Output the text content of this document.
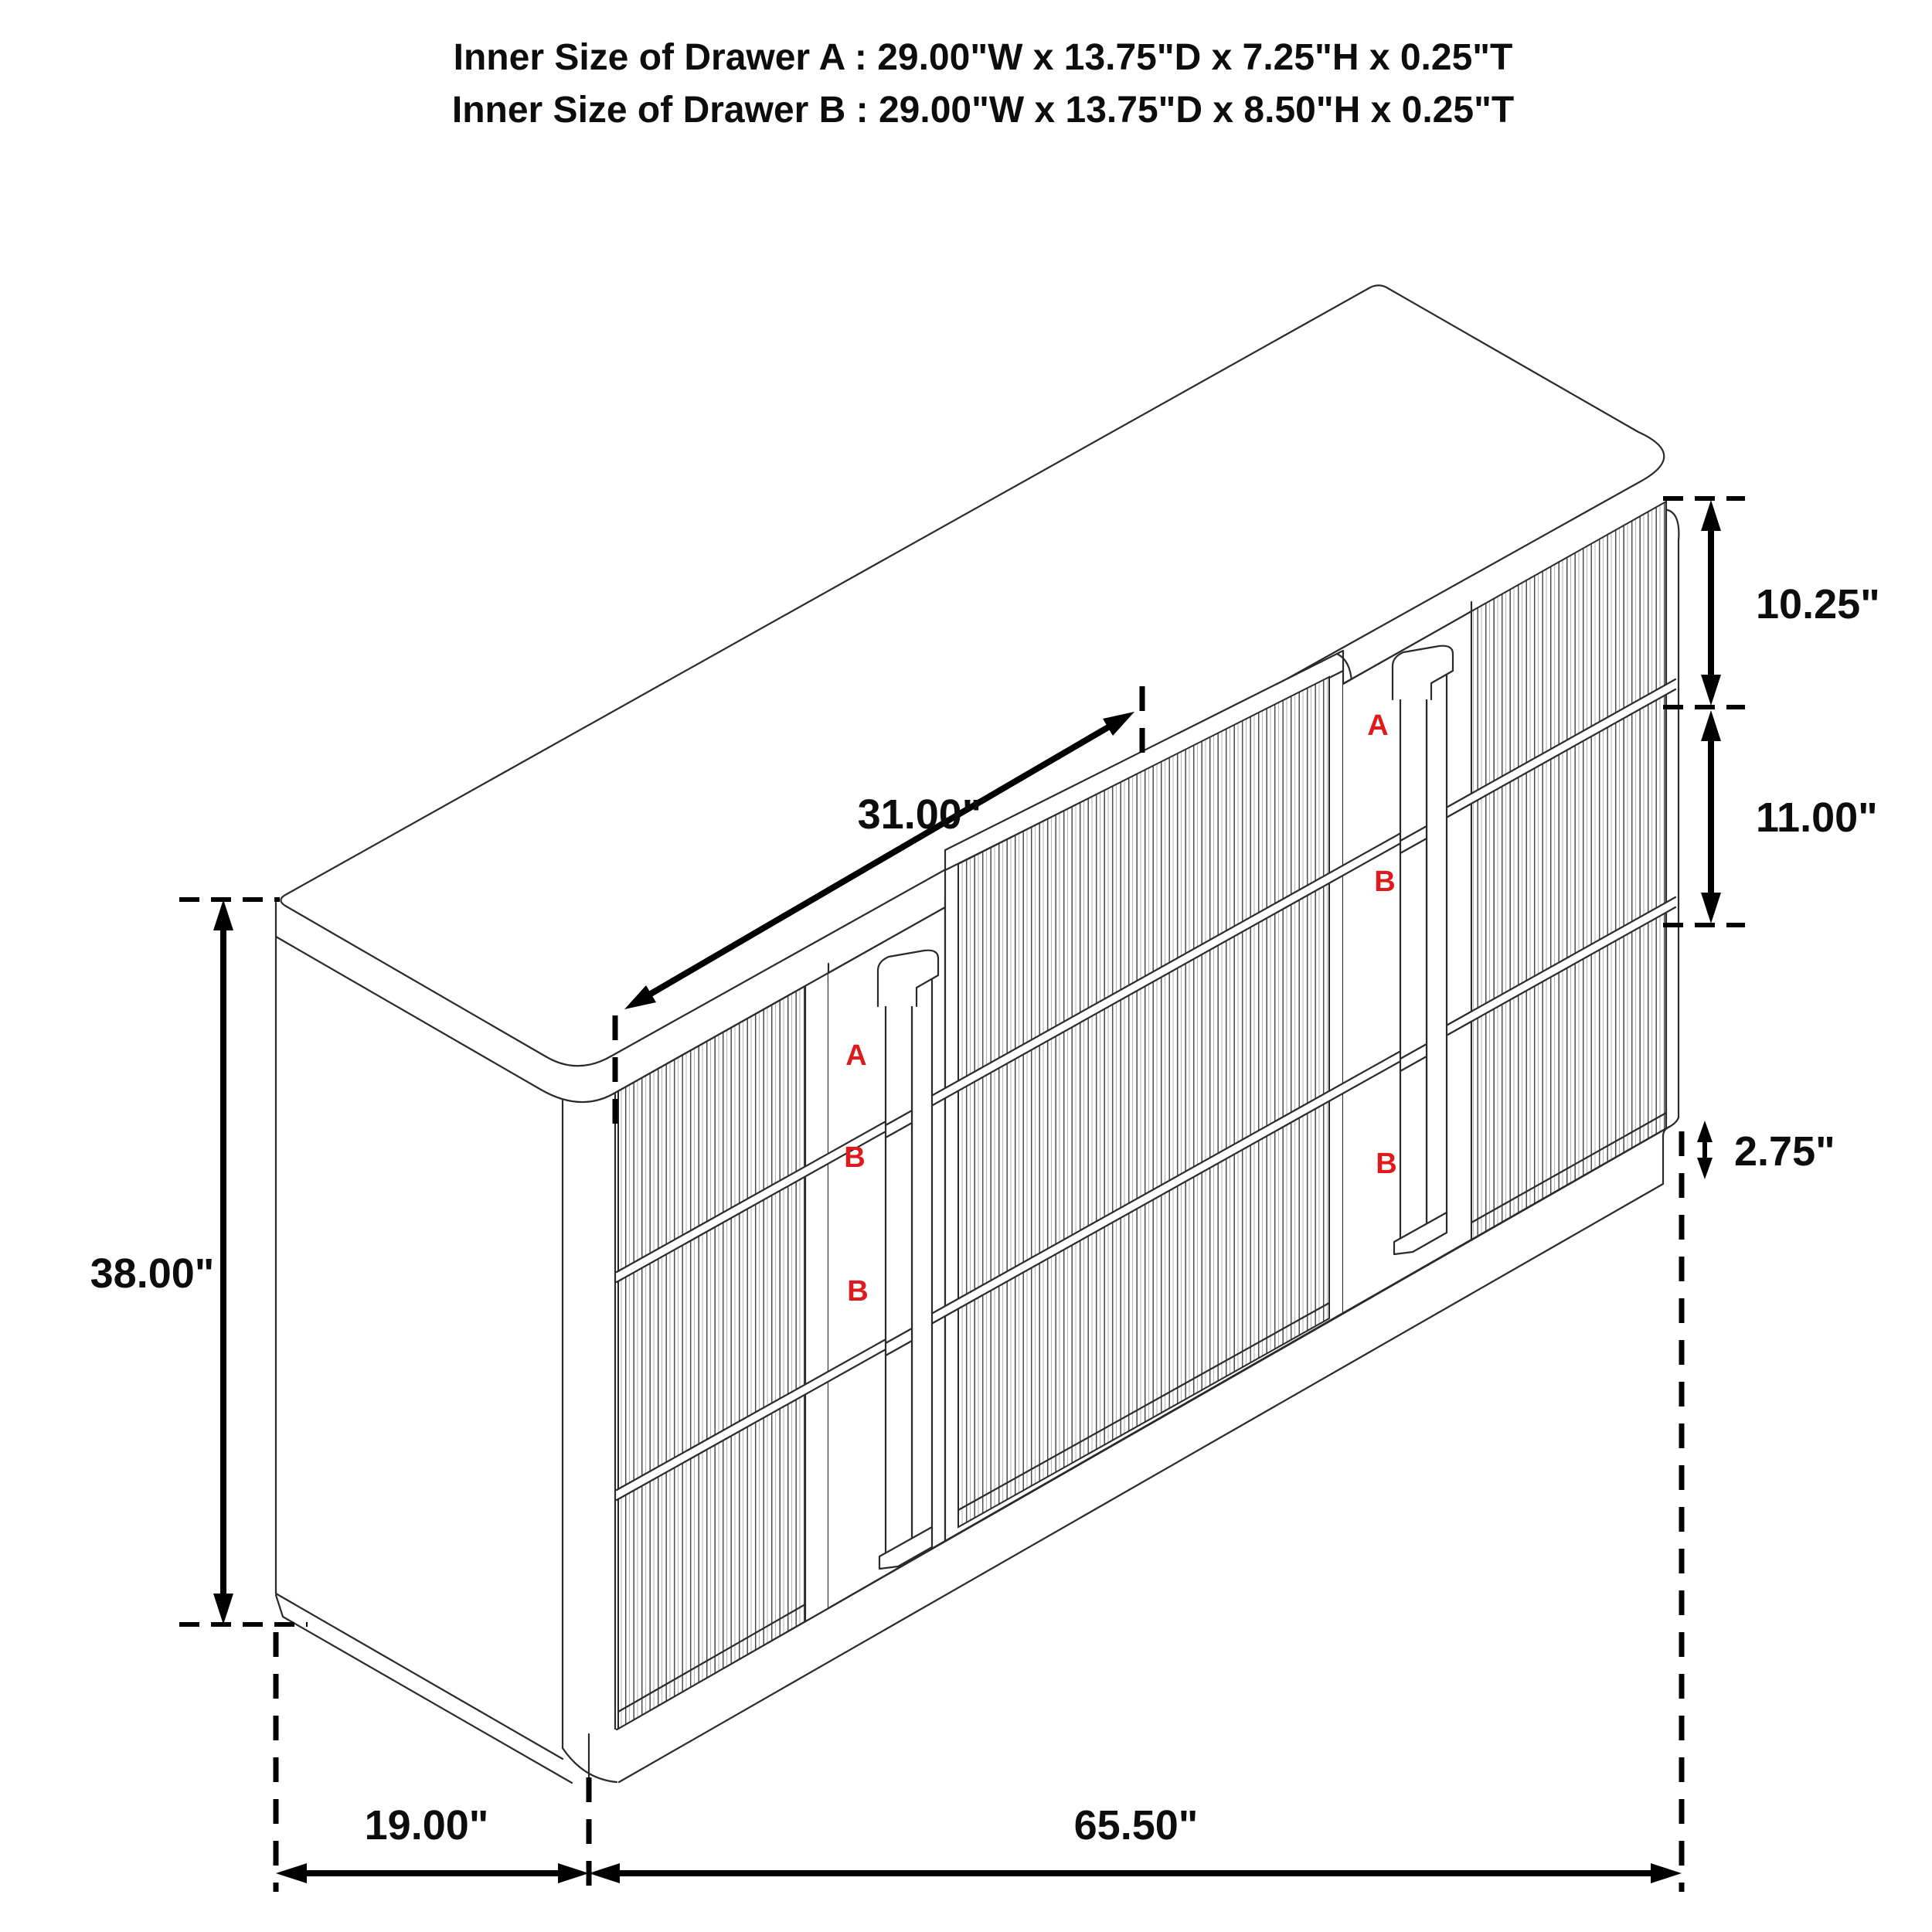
A
B
B
A
B
B
38.00"
31.00"
10.25"
11.00"
2.75"
19.00"	65.50"
Inner Size of Drawer A : 29.00"W x 13.75"D x 7.25"H x 0.25"T
Inner Size of Drawer B : 29.00"W x 13.75"D x 8.50"H x 0.25"T
